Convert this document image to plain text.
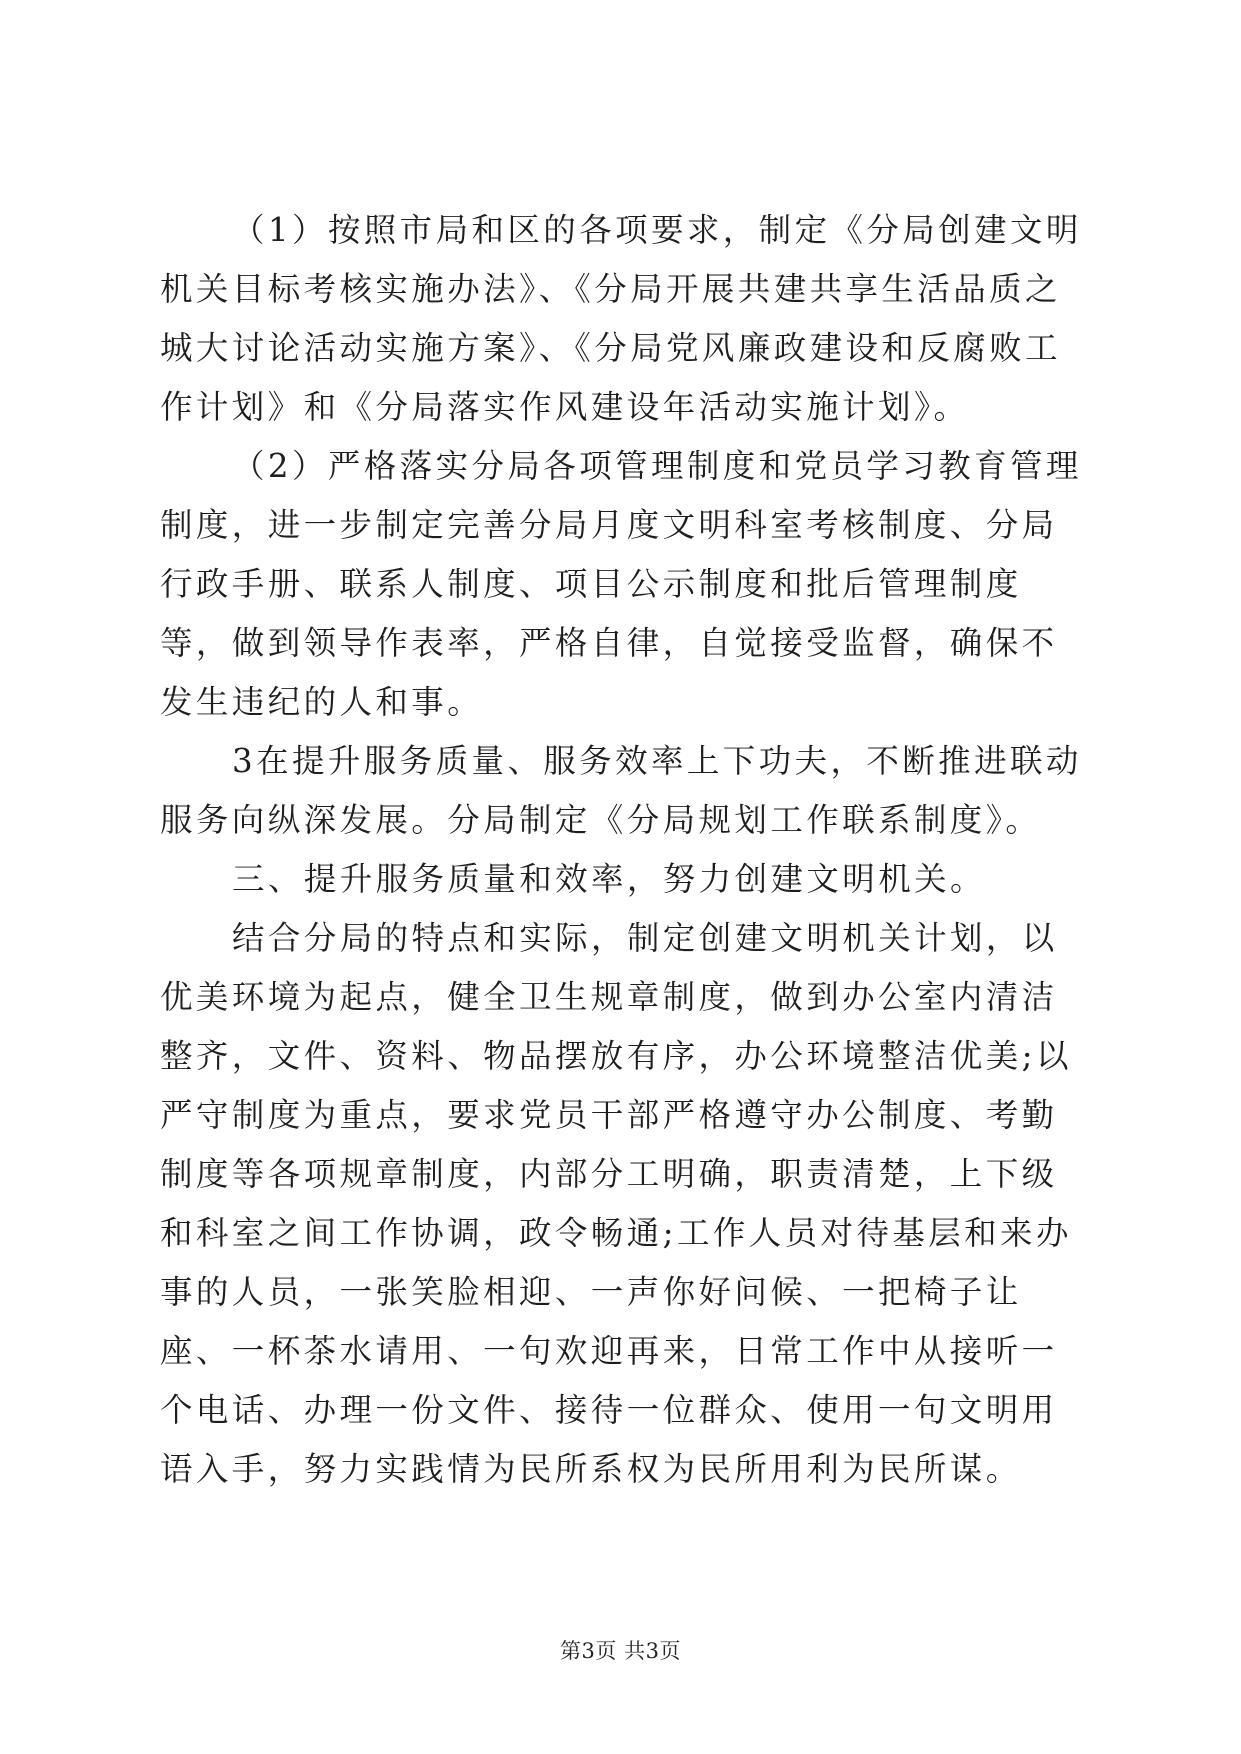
（1）按照市局和区的各项要求，制定《分局创建文明机关目标考核实施办法》、《分局开展共建共享生活品质之城大讨论活动实施方案》、《分局党风廉政建设和反腐败工作计划》和《分局落实作风建设年活动实施计划》。

（2）严格落实分局各项管理制度和党员学习教育管理制度，进一步制定完善分局月度文明科室考核制度、分局行政手册、联系人制度、项目公示制度和批后管理制度等，做到领导作表率，严格自律，自觉接受监督，确保不发生违纪的人和事。

3在提升服务质量、服务效率上下功夫，不断推进联动服务向纵深发展。分局制定《分局规划工作联系制度》。

三、提升服务质量和效率，努力创建文明机关。

结合分局的特点和实际，制定创建文明机关计划，以优美环境为起点，健全卫生规章制度，做到办公室内清洁整齐，文件、资料、物品摆放有序，办公环境整洁优美;以严守制度为重点，要求党员干部严格遵守办公制度、考勤制度等各项规章制度，内部分工明确，职责清楚，上下级和科室之间工作协调，政令畅通;工作人员对待基层和来办事的人员，一张笑脸相迎、一声你好问候、一把椅子让座、一杯茶水请用、一句欢迎再来，日常工作中从接听一个电话、办理一份文件、接待一位群众、使用一句文明用语入手，努力实践情为民所系权为民所用利为民所谋。

第3页 共3页
